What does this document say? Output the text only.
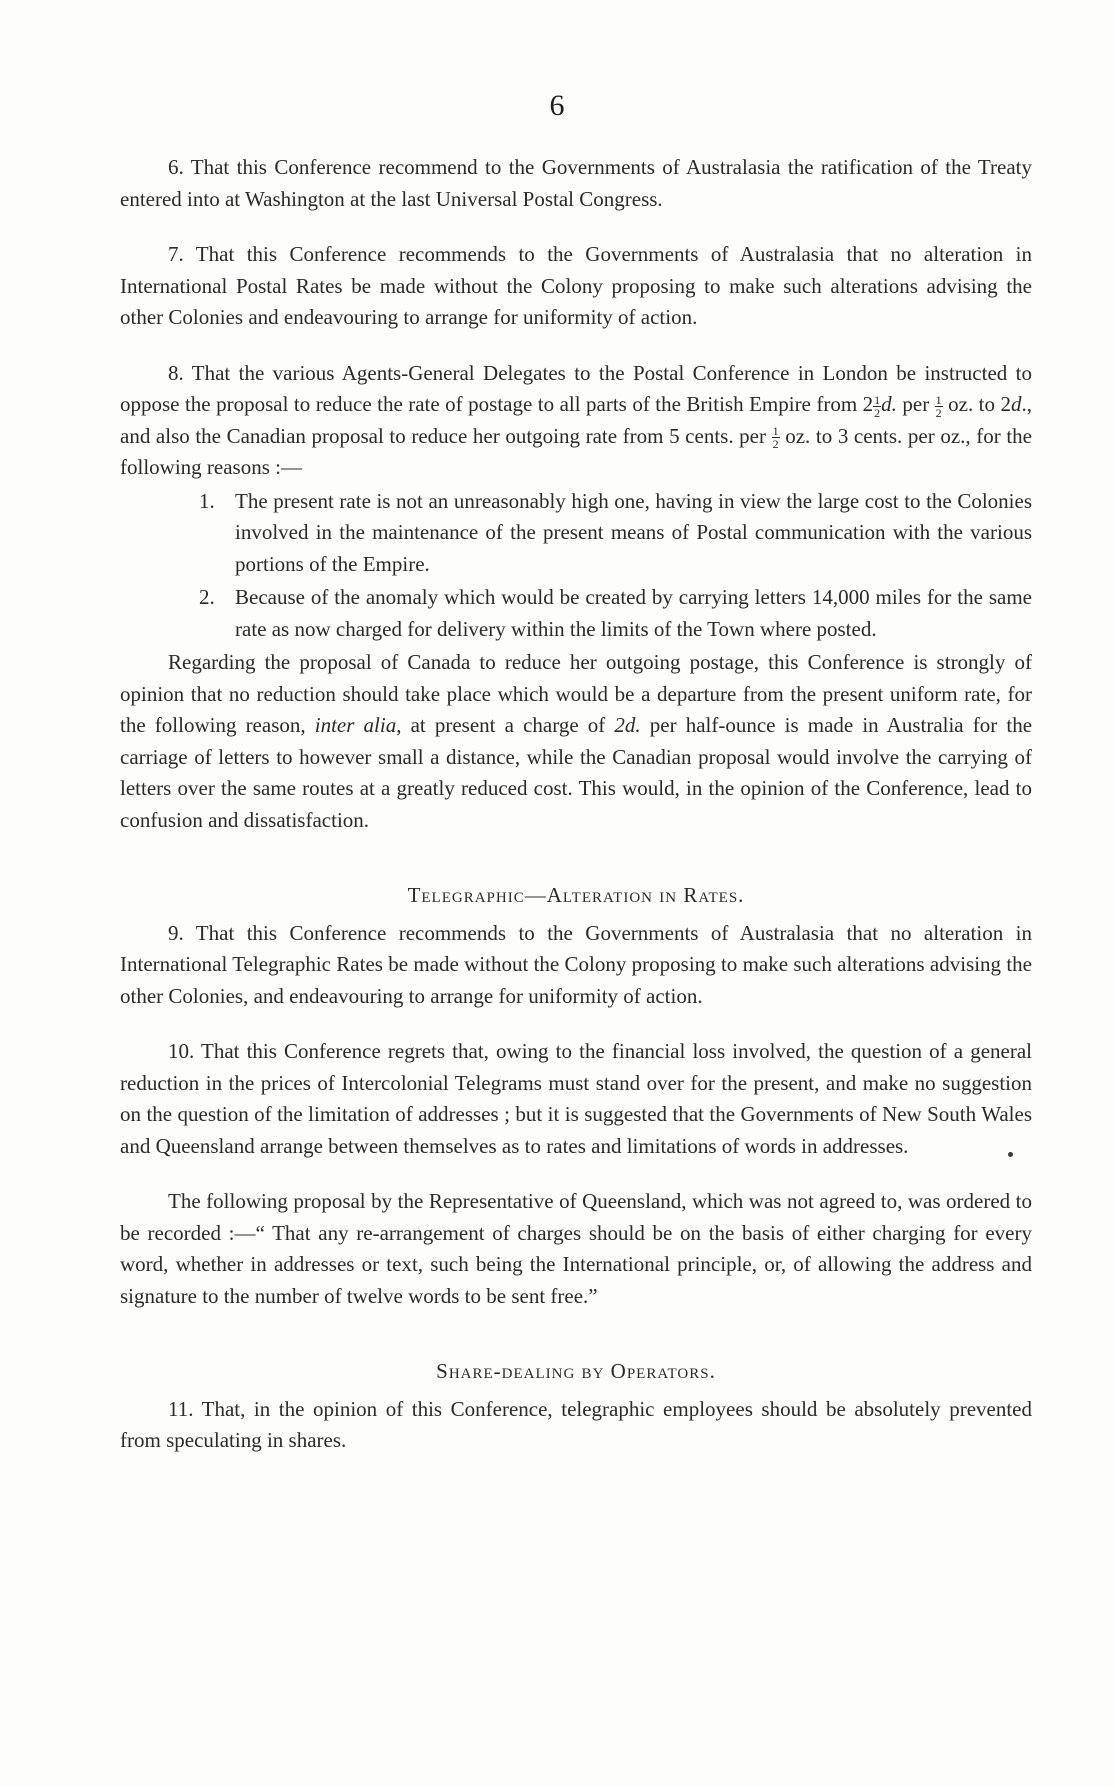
6

6. That this Conference recommend to the Governments of Australasia the ratification of the Treaty entered into at Washington at the last Universal Postal Congress.

7. That this Conference recommends to the Governments of Australasia that no alteration in International Postal Rates be made without the Colony proposing to make such alterations advising the other Colonies and endeavouring to arrange for uniformity of action.

8. That the various Agents-General Delegates to the Postal Conference in London be instructed to oppose the proposal to reduce the rate of postage to all parts of the British Empire from $2 \frac{1}{2} d$. per $\frac{1}{2}$ oz. to 2d., and also the Canadian proposal to reduce her outgoing rate from 5 cents. per $\frac{1}{2}$ oz. to 3 cents. per oz., for the following reasons :—

1. The present rate is not an unreasonably high one, having in view the large cost to the Colonies involved in the maintenance of the present means of Postal communication with the various portions of the Empire.
2. Because of the anomaly which would be created by carrying letters 14,000 miles for the same rate as now charged for delivery within the limits of the Town where posted.

Regarding the proposal of Canada to reduce her outgoing postage, this Conference is strongly of opinion that no reduction should take place which would be a departure from the present uniform rate, for the following reason, inter alia, at present a charge of 2d. per half-ounce is made in Australia for the carriage of letters to however small a distance, while the Canadian proposal would involve the carrying of letters over the same routes at a greatly reduced cost. This would, in the opinion of the Conference, lead to confusion and dissatisfaction.

Telegraphic—Alteration in Rates.

9. That this Conference recommends to the Governments of Australasia that no alteration in International Telegraphic Rates be made without the Colony proposing to make such alterations advising the other Colonies, and endeavouring to arrange for uniformity of action.

10. That this Conference regrets that, owing to the financial loss involved, the question of a general reduction in the prices of Intercolonial Telegrams must stand over for the present, and make no suggestion on the question of the limitation of addresses ; but it is suggested that the Governments of New South Wales and Queensland arrange between themselves as to rates and limitations of words in addresses.

The following proposal by the Representative of Queensland, which was not agreed to, was ordered to be recorded :—“ That any re-arrangement of charges should be on the basis of either charging for every word, whether in addresses or text, such being the International principle, or, of allowing the address and signature to the number of twelve words to be sent free.”

Share-dealing by Operators.

11. That, in the opinion of this Conference, telegraphic employees should be absolutely prevented from speculating in shares.
